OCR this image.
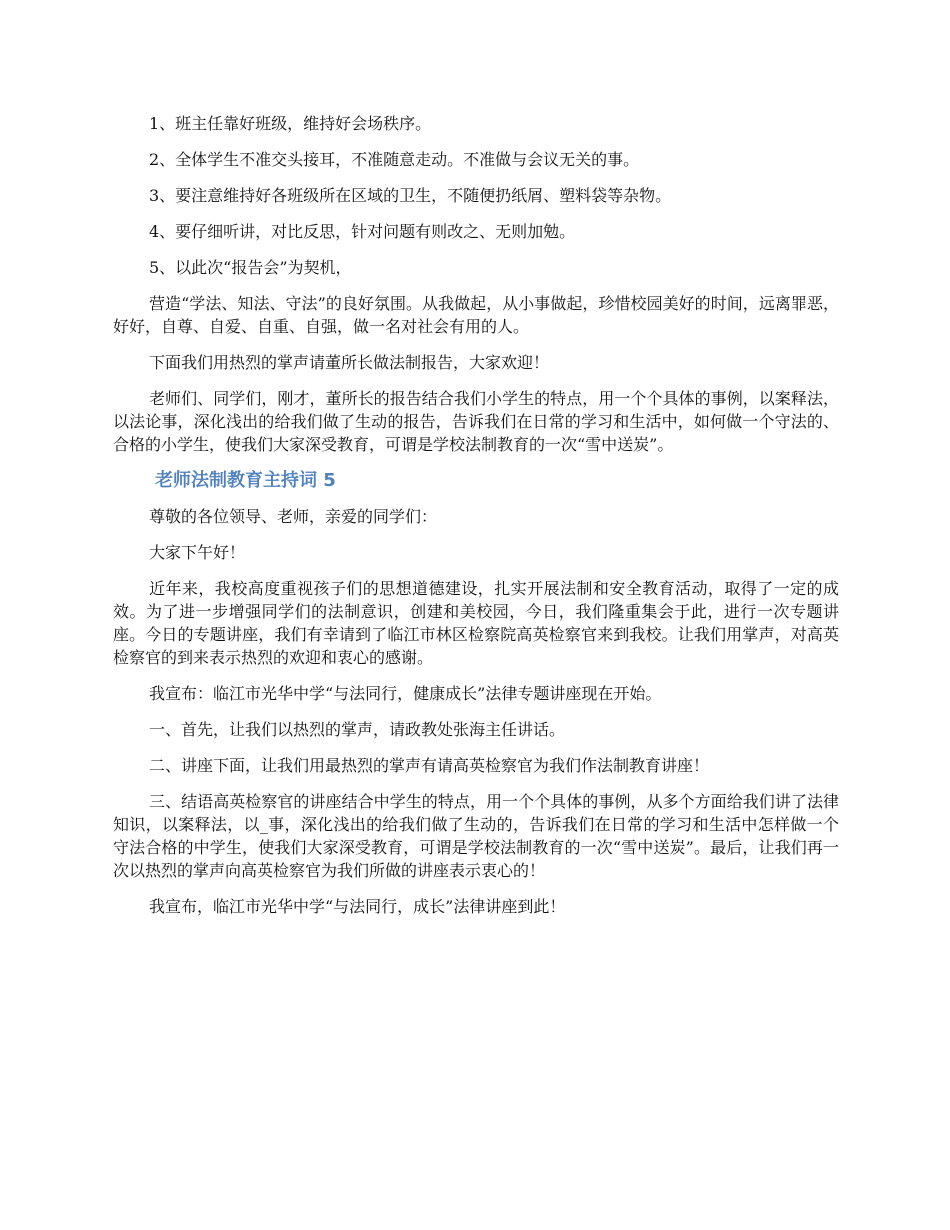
1、班主任靠好班级，维持好会场秩序。

2、全体学生不准交头接耳，不准随意走动。不准做与会议无关的事。

3、要注意维持好各班级所在区域的卫生，不随便扔纸屑、塑料袋等杂物。

4、要仔细听讲，对比反思，针对问题有则改之、无则加勉。

5、以此次“报告会”为契机，

营造“学法、知法、守法”的良好氛围。从我做起，从小事做起，珍惜校园美好的时间，远离罪恶，好好，自尊、自爱、自重、自强，做一名对社会有用的人。

下面我们用热烈的掌声请董所长做法制报告，大家欢迎！

老师们、同学们，刚才，董所长的报告结合我们小学生的特点，用一个个具体的事例，以案释法，以法论事，深化浅出的给我们做了生动的报告，告诉我们在日常的学习和生活中，如何做一个守法的、合格的小学生，使我们大家深受教育，可谓是学校法制教育的一次“雪中送炭”。

老师法制教育主持词 5

尊敬的各位领导、老师，亲爱的同学们：

大家下午好！

近年来，我校高度重视孩子们的思想道德建设，扎实开展法制和安全教育活动，取得了一定的成效。为了进一步增强同学们的法制意识，创建和美校园，今日，我们隆重集会于此，进行一次专题讲座。今日的专题讲座，我们有幸请到了临江市林区检察院高英检察官来到我校。让我们用掌声，对高英检察官的到来表示热烈的欢迎和衷心的感谢。

我宣布：临江市光华中学“与法同行，健康成长”法律专题讲座现在开始。

一、首先，让我们以热烈的掌声，请政教处张海主任讲话。

二、讲座下面，让我们用最热烈的掌声有请高英检察官为我们作法制教育讲座！

三、结语高英检察官的讲座结合中学生的特点，用一个个具体的事例，从多个方面给我们讲了法律知识，以案释法，以_事，深化浅出的给我们做了生动的，告诉我们在日常的学习和生活中怎样做一个守法合格的中学生，使我们大家深受教育，可谓是学校法制教育的一次“雪中送炭”。最后，让我们再一次以热烈的掌声向高英检察官为我们所做的讲座表示衷心的！

我宣布，临江市光华中学“与法同行，成长”法律讲座到此！
